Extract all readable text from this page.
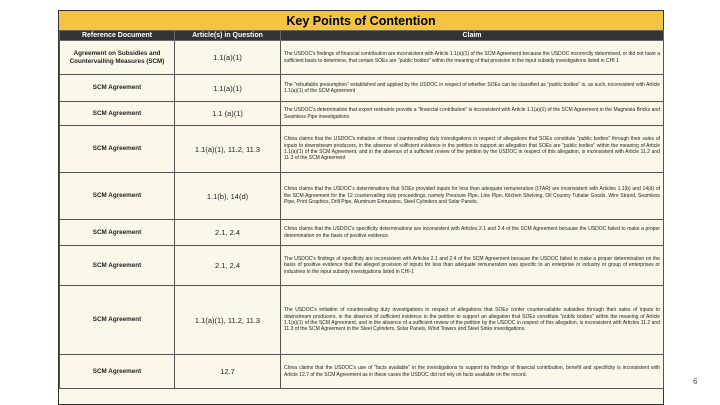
Key Points of Contention
Reference Document	Article(s) in Question	Claim
Agreement on Subsidies and Countervailing Measures (SCM)	1.1(a)(1)	The USDOC's findings of financial contribution are inconsistent with Article 1.1(a)(1) of the SCM Agreement because the USDOC incorrectly determined, or did not have a sufficient basis to determine, that certain SOEs are "public bodies" within the meaning of that provision in the input subsidy investigations listed in CHI 1
SCM Agreement	1.1(a)(1)	The "rebuttable presumption" established and applied by the USDOC in respect of whether SOEs can be classified as "public bodies" is, as such, inconsistent with Article 1.1(a)(1) of the SCM Agreement
SCM Agreement	1.1 (a)(1)	The USDOC's determination that export restraints provide a "financial contribution" is inconsistent with Article 1.1(a)(1) of the SCM Agreement in the Magnesia Bricks and Seamless Pipe investigations.
SCM Agreement	1.1(a)(1), 11.2, 11.3	China claims that the USDOC's initiation of these countervailing duty investigations in respect of allegations that SOEs constitute "public bodies" through their sales of inputs to downstream producers, in the absence of sufficient evidence in the petition to support an allegation that SOEs are "public bodies" within the meaning of Article 1.1(a)(1) of the SCM Agreement, and in the absence of a sufficient review of the petition by the USDOC in respect of this allegation, is inconsistent with Article 11.2 and 11.3 of the SCM Agreement
SCM Agreement	1.1(b), 14(d)	China claims that the USDOC's determinations that SOEs provided inputs for less than adequate remuneration (LTAR) are inconsistent with Articles 1.1(b) and 14(d) of the SCM Agreement for the 12 countervailing duty proceedings, namely Pressure Pipe, Line Pipe, Kitchen Shelving, Oil Country Tubular Goods, Wire Strand, Seamless Pipe, Print Graphics, Drill Pipe, Aluminum Extrusions, Steel Cylinders and Solar Panels.
SCM Agreement	2.1, 2.4	China claims that the USDOC's specificity determinations are inconsistent with Articles 2.1 and 2.4 of the SCM Agreement because the USDOC failed to make a proper determination on the basis of positive evidence.
SCM Agreement	2.1, 2.4	The USDOC's findings of specificity are inconsistent with Articles 2.1 and 2.4 of the SCM Agreement because the USDOC failed to make a proper determination on the basis of positive evidence that the alleged provision of inputs for less than adequate remuneration was specific to an enterprise or industry or group of enterprises or industries in the input subsidy investigations listed in CHI-1
SCM Agreement	1.1(a)(1), 11.2, 11.3	The USDOC's initiation of countervailing duty investigations in respect of allegations that SOEs confer countervailable subsidies through their sales of inputs to downstream producers, in the absence of sufficient evidence in the petition to support an allegation that SOEs constitute "public bodies" within the meaning of Article 1.1(a)(1) of the SCM Agreement, and in the absence of a sufficient review of the petition by the USDOC in respect of this allegation, is inconsistent with Articles 11.2 and 11.3 of the SCM Agreement in the Steel Cylinders, Solar Panels, Wind Towers and Steel Sinks investigations.
SCM Agreement	12.7	China claims that the USDOC's use of "facts available" in the investigations to support its findings of financial contribution, benefit and specificity is inconsistent with Article 12.7 of the SCM Agreement as in these cases the USDOC did not rely on facts available on the record.
6
